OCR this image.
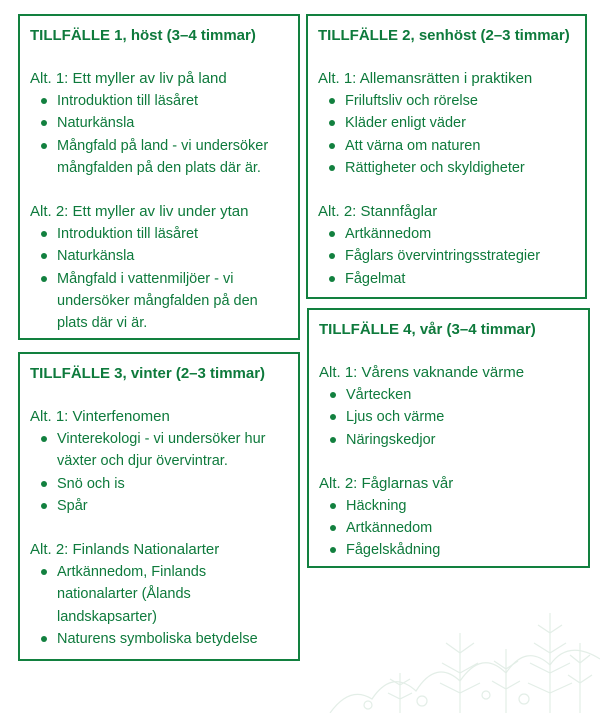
TILLFÄLLE 1, höst (3–4 timmar)
Alt. 1: Ett myller av liv på land
Introduktion till läsåret
Naturkänsla
Mångfald på land - vi undersöker mångfalden på den plats där är.
Alt. 2: Ett myller av liv under ytan
Introduktion till läsåret
Naturkänsla
Mångfald i vattenmiljöer - vi undersöker mångfalden på den plats där vi är.
TILLFÄLLE 2, senhöst (2–3 timmar)
Alt. 1: Allemansrätten i praktiken
Friluftsliv och rörelse
Kläder enligt väder
Att värna om naturen
Rättigheter och skyldigheter
Alt. 2: Stannfåglar
Artkännedom
Fåglars övervintringsstrategier
Fågelmat
TILLFÄLLE 3, vinter (2–3 timmar)
Alt. 1: Vinterfenomen
Vinterekologi - vi undersöker hur växter och djur övervintrar.
Snö och is
Spår
Alt. 2: Finlands Nationalarter
Artkännedom, Finlands nationalarter (Ålands landskapsarter)
Naturens symboliska betydelse
TILLFÄLLE 4, vår (3–4 timmar)
Alt. 1: Vårens vaknande värme
Vårtecken
Ljus och värme
Näringskedjor
Alt. 2: Fåglarnas vår
Häckning
Artkännedom
Fågelskådning
